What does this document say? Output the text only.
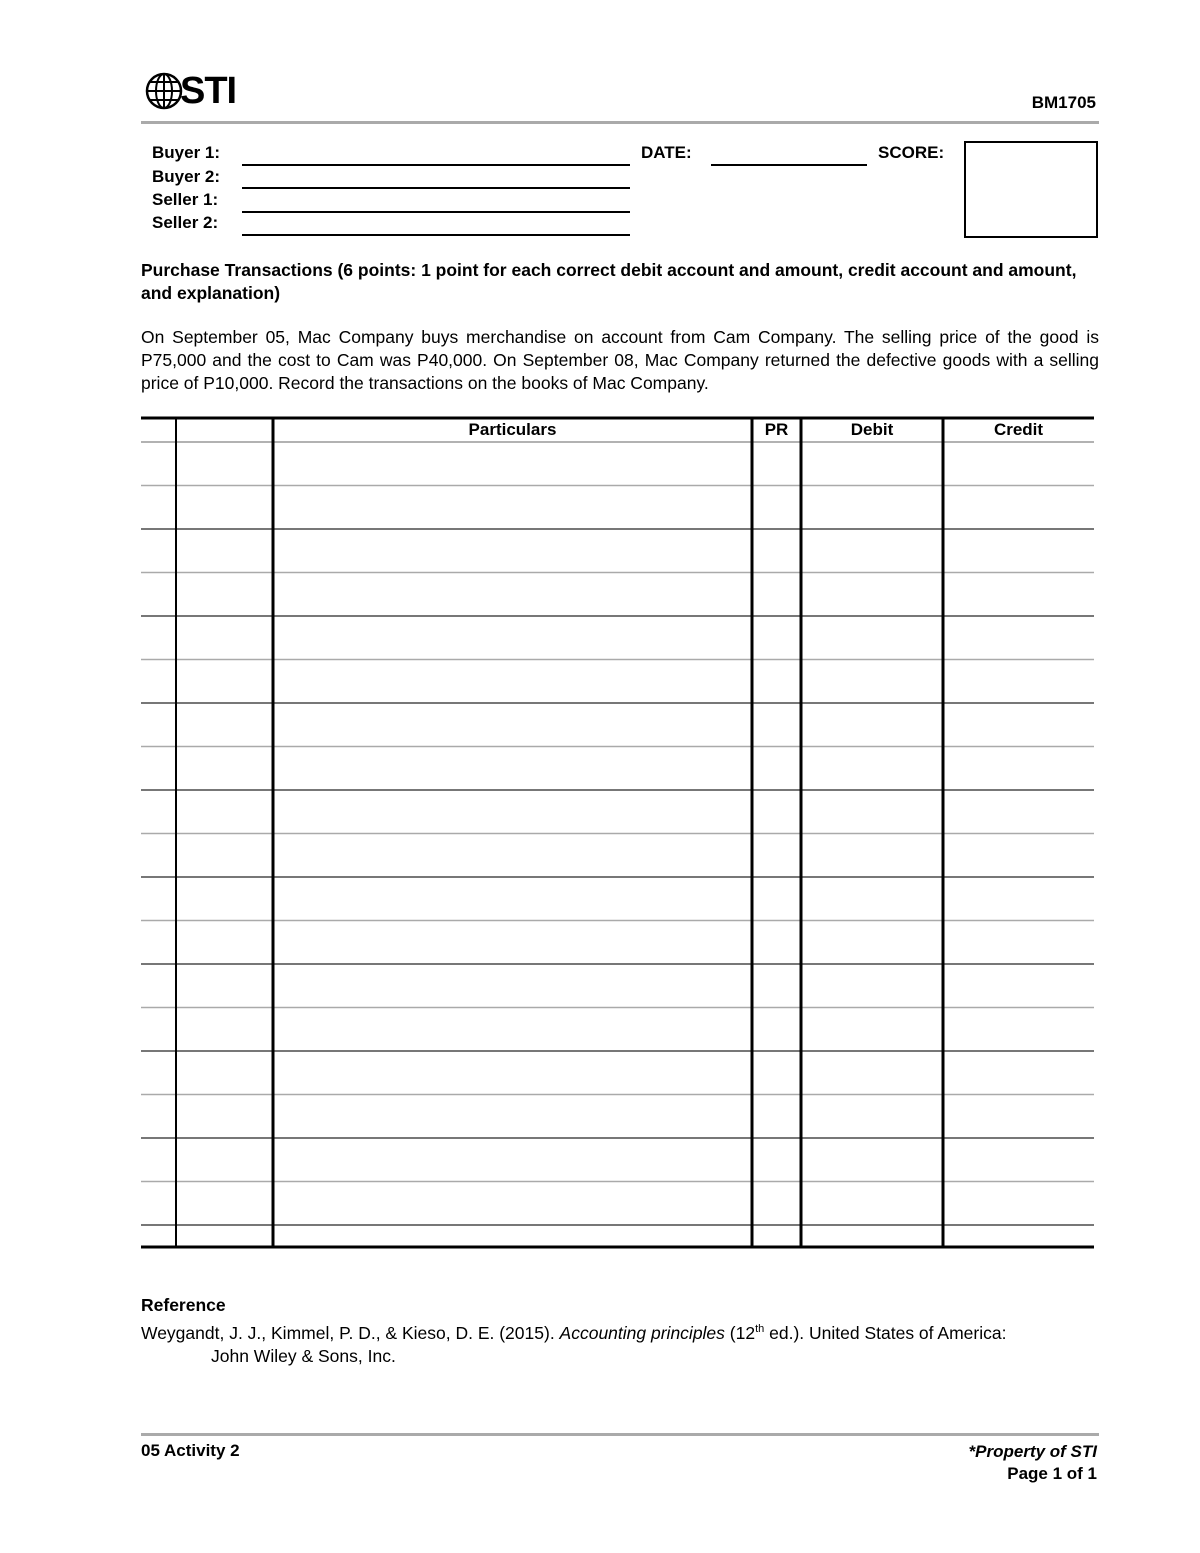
STI	BM1705
Buyer 1:
Buyer 2:
Seller 1:
Seller 2:
DATE:	SCORE:
Purchase Transactions (6 points: 1 point for each correct debit account and amount, credit account and amount, and explanation)
On September 05, Mac Company buys merchandise on account from Cam Company. The selling price of the good is P75,000 and the cost to Cam was P40,000. On September 08, Mac Company returned the defective goods with a selling price of P10,000. Record the transactions on the books of Mac Company.
Particulars	PR	Debit	Credit
Reference
Weygandt, J. J., Kimmel, P. D., & Kieso, D. E. (2015). Accounting principles (12th ed.). United States of America:
John Wiley & Sons, Inc.
05 Activity 2	*Property of STI
Page 1 of 1
